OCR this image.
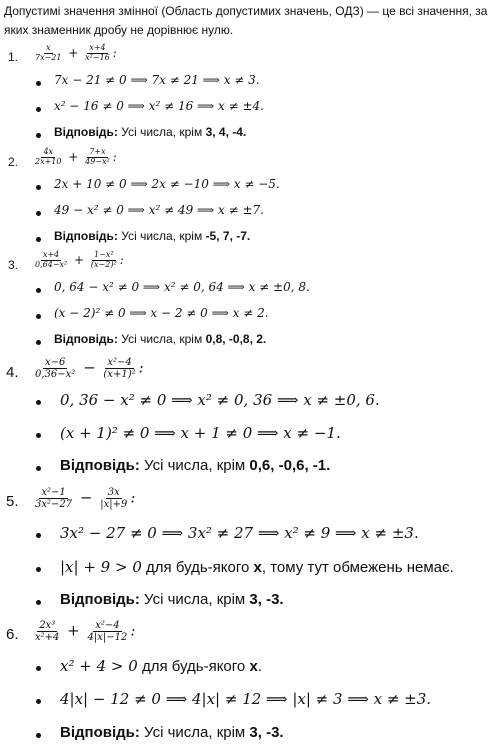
Допустимі значення змінної (Область допустимих значень, ОДЗ) — це всі значення, за яких знаменник дробу не дорівнює нулю.
1. $\frac{x}{7x-21} + \frac{x+4}{\text{x²−16}}$ :
7x − 21 ≠ 0 ⟹ 7x ≠ 21 ⟹ x ≠ 3.
x² − 16 ≠ 0 ⟹ x² ≠ 16 ⟹ x ≠ ±4.
Відповідь: Усі числа, крім 3, 4, -4.
2. $\frac{4x}{2x+10} + \frac{7+x}{\text{49−x²}}$ :
2x + 10 ≠ 0 ⟹ 2x ≠ −10 ⟹ x ≠ −5.
49 − x² ≠ 0 ⟹ x² ≠ 49 ⟹ x ≠ ±7.
Відповідь: Усі числа, крім -5, 7, -7.
3. $\frac{x+4}{\text{0,64−x²}} + \frac{\text{1−x²}}{\text{(x−2)²}}$ :
0, 64 − x² ≠ 0 ⟹ x² ≠ 0, 64 ⟹ x ≠ ±0, 8.
(x − 2)² ≠ 0 ⟹ x − 2 ≠ 0 ⟹ x ≠ 2.
Відповідь: Усі числа, крім 0,8, -0,8, 2.
4. $\frac{x-6}{\text{0,36−x²}} - \frac{\text{x²−4}}{\text{(x+1)²}}$ :
0, 36 − x² ≠ 0 ⟹ x² ≠ 0, 36 ⟹ x ≠ ±0, 6.
(x + 1)² ≠ 0 ⟹ x + 1 ≠ 0 ⟹ x ≠ −1.
Відповідь: Усі числа, крім 0,6, -0,6, -1.
5. $\frac{\text{x²−1}}{\text{3x²−27}} - \frac{3x}{|x|+9}$ :
3x² − 27 ≠ 0 ⟹ 3x² ≠ 27 ⟹ x² ≠ 9 ⟹ x ≠ ±3.
|x| + 9 > 0 для будь-якого x, тому тут обмежень немає.
Відповідь: Усі числа, крім 3, -3.
6. $\frac{\text{2x³}}{\text{x²+4}} + \frac{\text{x²−4}}{4|x|-12}$ :
x² + 4 > 0 для будь-якого x.
4|x| − 12 ≠ 0 ⟹ 4|x| ≠ 12 ⟹ |x| ≠ 3 ⟹ x ≠ ±3.
Відповідь: Усі числа, крім 3, -3.
